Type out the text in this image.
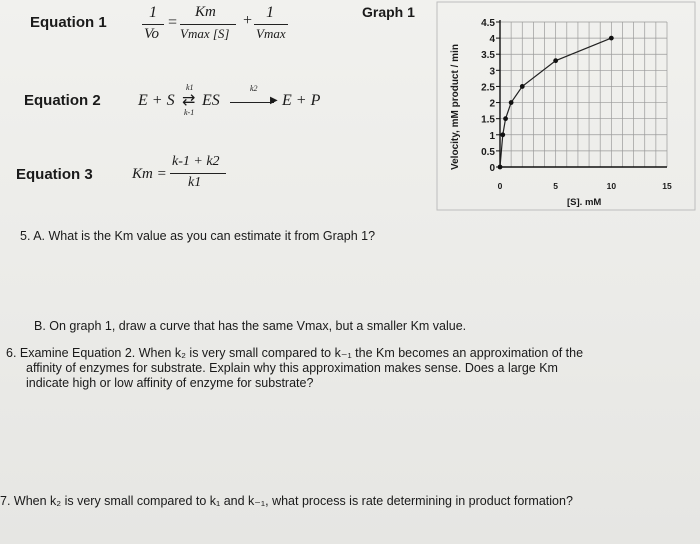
Equation 1
Equation 2
Equation 3
1
Vo
=
Km
Vmax [S]
+ 1
Vmax
E + S
k1
⇄
k-1
ES
k2
▶ E + P
Km =
k-1 + k2
k1
5. A. What is the Km value as you can estimate it from Graph 1?
B. On graph 1, draw a curve that has the same Vmax, but a smaller Km value.
6. Examine Equation 2. When k₂ is very small compared to k₋₁ the Km becomes an approximation of the
affinity of enzymes for substrate. Explain why this approximation makes sense. Does a large Km
indicate high or low affinity of enzyme for substrate?
7. When k₂ is very small compared to k₁ and k₋₁, what process is rate determining in product formation?
Graph 1
Velocity, mM product / min
[S]. mM
0
0.5
1
1.5
2
2.5
3
3.5
4
4.5
0	5	10	15
